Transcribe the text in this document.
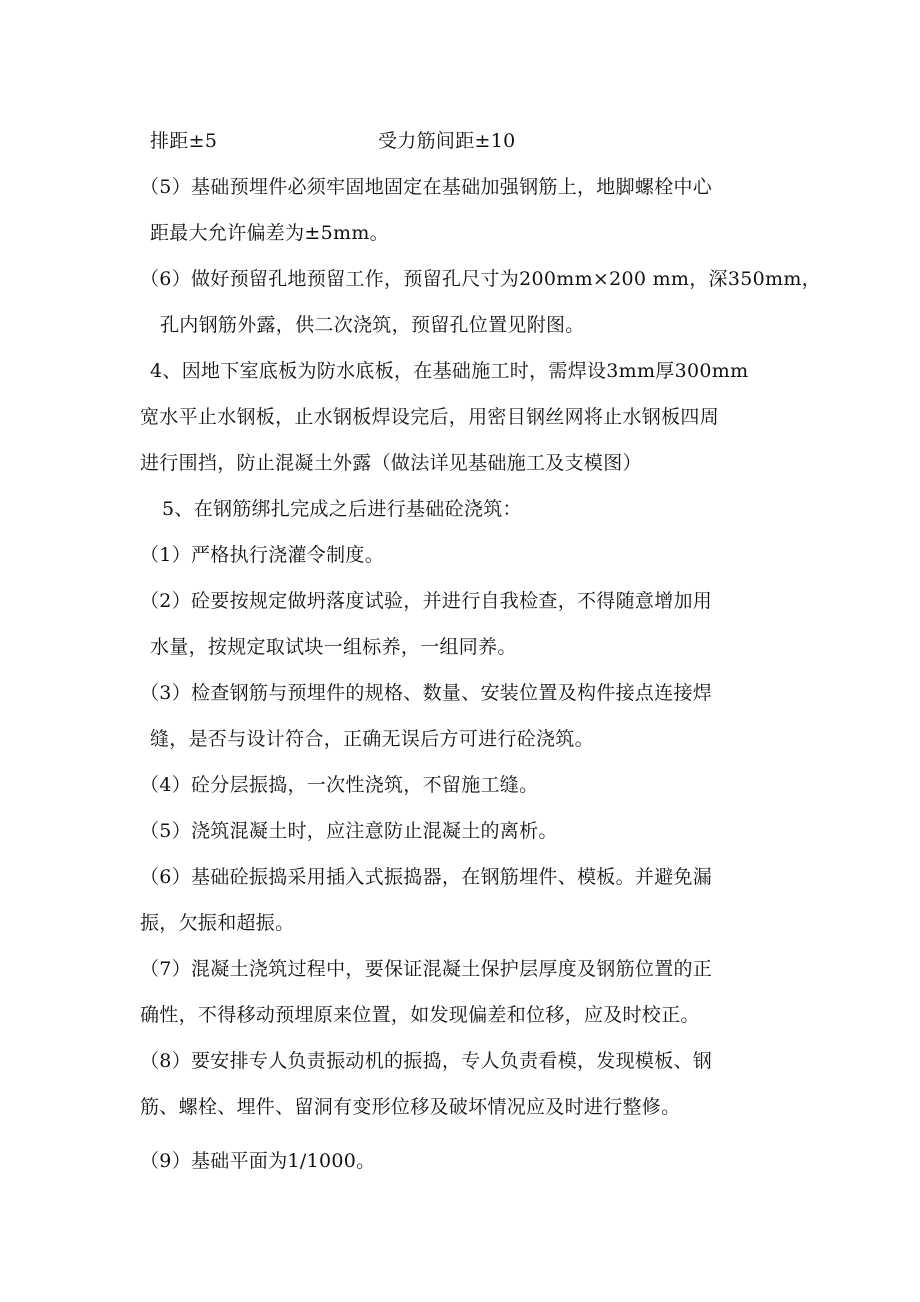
排距±5	受力筋间距±10
（5）基础预埋件必须牢固地固定在基础加强钢筋上，地脚螺栓中心
距最大允许偏差为±5mm。
（6）做好预留孔地预留工作，预留孔尺寸为200mm×200 mm，深350mm，
孔内钢筋外露，供二次浇筑，预留孔位置见附图。
4、因地下室底板为防水底板，在基础施工时，需焊设3mm厚300mm
宽水平止水钢板，止水钢板焊设完后，用密目钢丝网将止水钢板四周
进行围挡，防止混凝土外露（做法详见基础施工及支模图）
5、在钢筋绑扎完成之后进行基础砼浇筑：
（1）严格执行浇灌令制度。
（2）砼要按规定做坍落度试验，并进行自我检查，不得随意增加用
水量，按规定取试块一组标养，一组同养。
（3）检查钢筋与预埋件的规格、数量、安装位置及构件接点连接焊
缝，是否与设计符合，正确无误后方可进行砼浇筑。
（4）砼分层振捣，一次性浇筑，不留施工缝。
（5）浇筑混凝土时，应注意防止混凝土的离析。
（6）基础砼振捣采用插入式振捣器，在钢筋埋件、模板。并避免漏
振，欠振和超振。
（7）混凝土浇筑过程中，要保证混凝土保护层厚度及钢筋位置的正
确性，不得移动预埋原来位置，如发现偏差和位移，应及时校正。
（8）要安排专人负责振动机的振捣，专人负责看模，发现模板、钢
筋、螺栓、埋件、留洞有变形位移及破坏情况应及时进行整修。
（9）基础平面为1/1000。
